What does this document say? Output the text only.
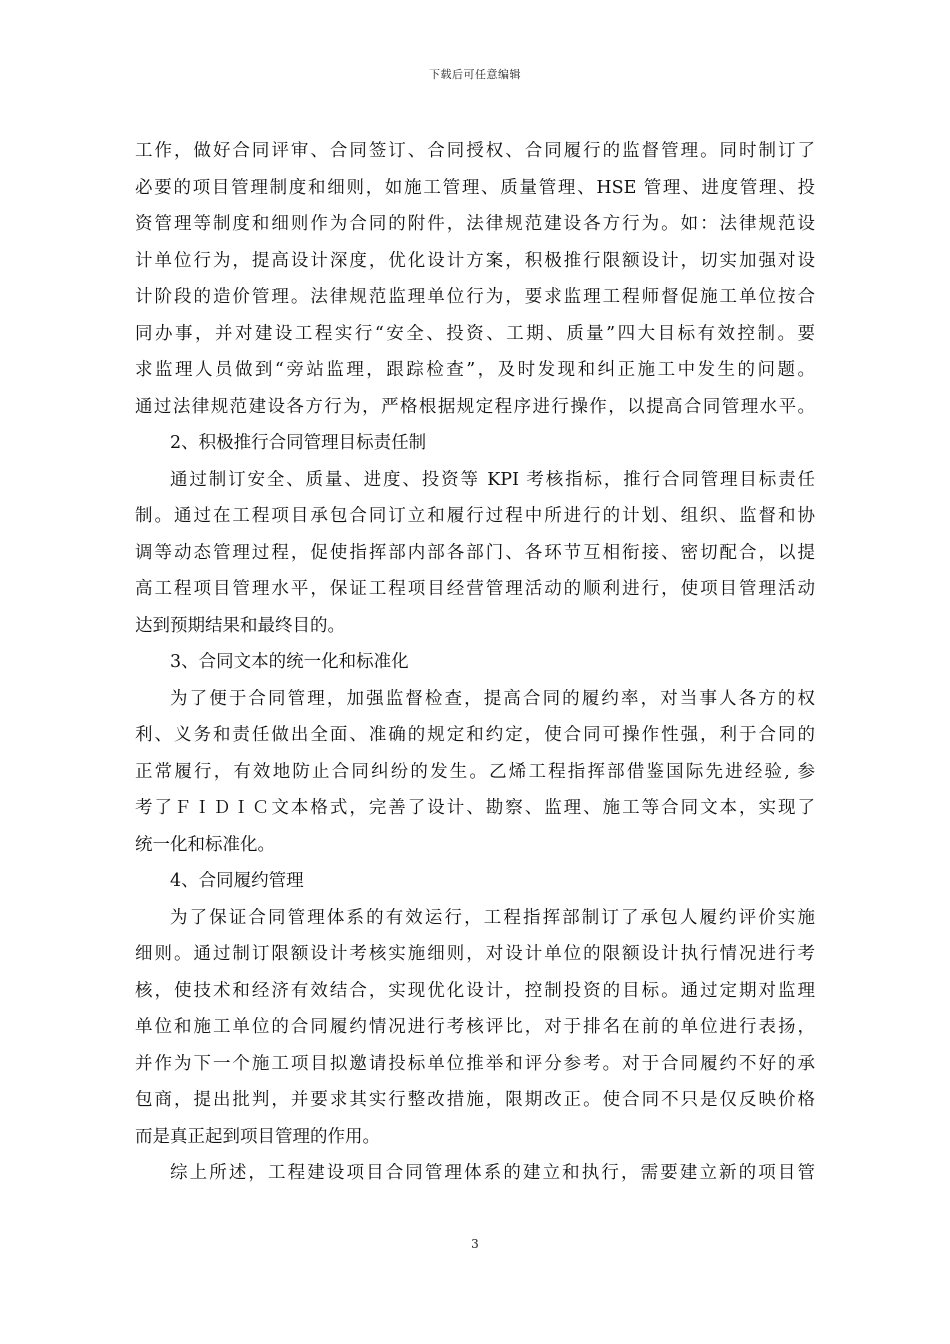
下载后可任意编辑
工作，做好合同评审、合同签订、合同授权、合同履行的监督管理。同时制订了
必要的项目管理制度和细则，如施工管理、质量管理、HSE 管理、进度管理、投
资管理等制度和细则作为合同的附件，法律规范建设各方行为。如：法律规范设
计单位行为，提高设计深度，优化设计方案，积极推行限额设计，切实加强对设
计阶段的造价管理。法律规范监理单位行为，要求监理工程师督促施工单位按合
同办事，并对建设工程实行“安全、投资、工期、质量”四大目标有效控制。要
求监理人员做到“旁站监理，跟踪检查”，及时发现和纠正施工中发生的问题。
通过法律规范建设各方行为，严格根据规定程序进行操作，以提高合同管理水平。
2、积极推行合同管理目标责任制
通过制订安全、质量、进度、投资等 KPI 考核指标，推行合同管理目标责任
制。通过在工程项目承包合同订立和履行过程中所进行的计划、组织、监督和协
调等动态管理过程，促使指挥部内部各部门、各环节互相衔接、密切配合，以提
高工程项目管理水平，保证工程项目经营管理活动的顺利进行，使项目管理活动
达到预期结果和最终目的。
3、合同文本的统一化和标准化
为了便于合同管理，加强监督检查，提高合同的履约率，对当事人各方的权
利、义务和责任做出全面、准确的规定和约定，使合同可操作性强，利于合同的
正常履行，有效地防止合同纠纷的发生。乙烯工程指挥部借鉴国际先进经验, 参
考了ＦＩＤＩＣ文本格式，完善了设计、勘察、监理、施工等合同文本，实现了
统一化和标准化。
4、合同履约管理
为了保证合同管理体系的有效运行，工程指挥部制订了承包人履约评价实施
细则。通过制订限额设计考核实施细则，对设计单位的限额设计执行情况进行考
核，使技术和经济有效结合，实现优化设计，控制投资的目标。通过定期对监理
单位和施工单位的合同履约情况进行考核评比，对于排名在前的单位进行表扬，
并作为下一个施工项目拟邀请投标单位推举和评分参考。对于合同履约不好的承
包商，提出批判，并要求其实行整改措施，限期改正。使合同不只是仅反映价格
而是真正起到项目管理的作用。
综上所述，工程建设项目合同管理体系的建立和执行，需要建立新的项目管
3
